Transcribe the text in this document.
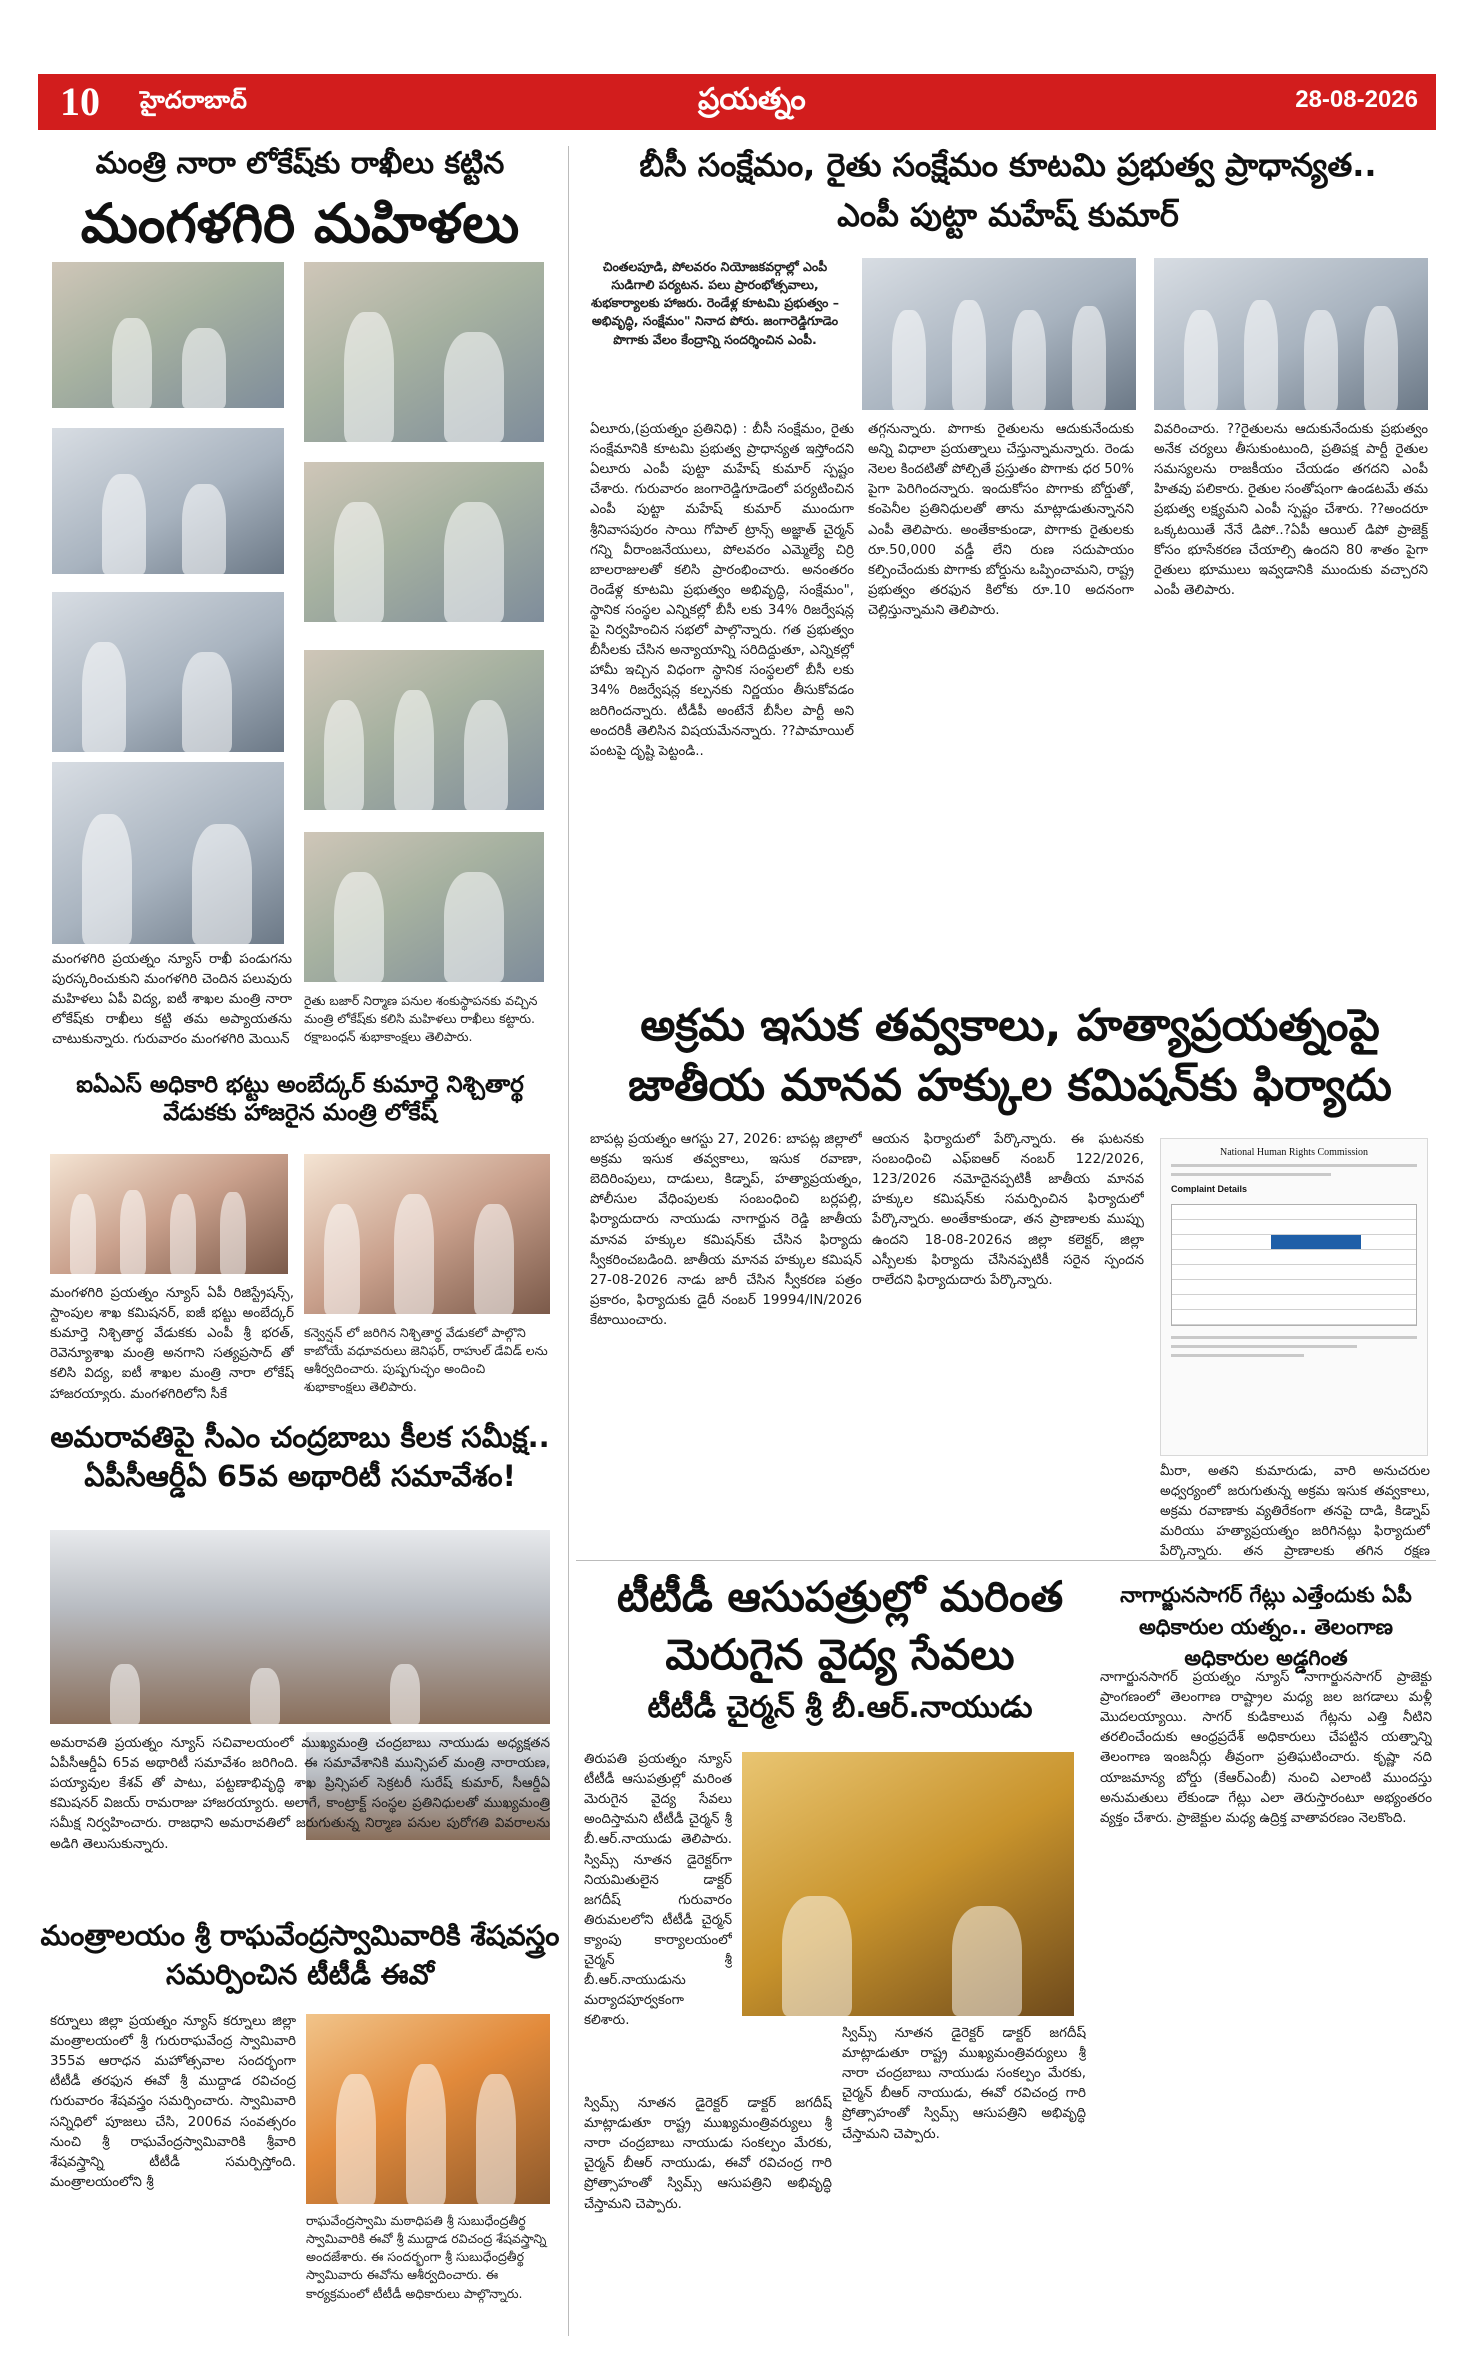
10 హైదరాబాద్	ప్రయత్నం	28-08-2026
మంత్రి నారా లోకేష్‌కు రాఖీలు కట్టిన
మంగళగిరి మహిళలు
మంగళగిరి ప్రయత్నం న్యూస్ రాఖీ పండుగను పురస్కరించుకుని మంగళగిరి చెందిన పలువురు మహిళలు ఏపీ విద్య, ఐటీ శాఖల మంత్రి నారా లోకేష్‌కు రాఖీలు కట్టి తమ అప్యాయతను చాటుకున్నారు. గురువారం మంగళగిరి మెయిన్
రైతు బజార్ నిర్మాణ పనుల శంకుస్థాపనకు వచ్చిన మంత్రి లోకేష్‌కు కలిసి మహిళలు రాఖీలు కట్టారు. రక్షాబంధన్ శుభాకాంక్షలు తెలిపారు.
ఐఏఎస్ అధికారి భట్టు అంబేద్కర్ కుమార్తె నిశ్చితార్థ వేడుకకు హాజరైన మంత్రి లోకేష్
మంగళగిరి ప్రయత్నం న్యూస్ ఏపీ రిజిస్ట్రేషన్స్, స్టాంపుల శాఖ కమిషనర్, ఐజీ భట్టు అంబేద్కర్ కుమార్తె నిశ్చితార్థ వేడుకకు ఎంపీ శ్రీ భరత్, రెవెన్యూశాఖ మంత్రి అనగాని సత్యప్రసాద్ తో కలిసి విద్య, ఐటీ శాఖల మంత్రి నారా లోకేష్ హాజరయ్యారు. మంగళగిరిలోని సీకే
కన్వెన్షన్ లో జరిగిన నిశ్చితార్థ వేడుకలో పాల్గొని కాబోయే వధూవరులు జెనిఫర్, రాహుల్ డేవిడ్ లను ఆశీర్వదించారు. పుష్పగుచ్ఛం అందించి శుభాకాంక్షలు తెలిపారు.
అమరావతిపై సీఎం చంద్రబాబు కీలక సమీక్ష.. ఏపీసీఆర్డీఏ 65వ అథారిటీ సమావేశం!
అమరావతి ప్రయత్నం న్యూస్ సచివాలయంలో ముఖ్యమంత్రి చంద్రబాబు నాయుడు అధ్యక్షతన ఏపీసీఆర్డీఏ 65వ అథారిటీ సమావేశం జరిగింది. ఈ సమావేశానికి మున్సిపల్ మంత్రి నారాయణ, పయ్యావుల కేశవ్ తో పాటు, పట్టణాభివృద్ధి శాఖ ప్రిన్సిపల్ సెక్రటరీ సురేష్ కుమార్, సీఆర్డీఏ కమిషనర్ విజయ్ రామరాజు హాజరయ్యారు. అలాగే, కాంట్రాక్ట్ సంస్థల ప్రతినిధులతో ముఖ్యమంత్రి సమీక్ష నిర్వహించారు. రాజధాని అమరావతిలో జరుగుతున్న నిర్మాణ పనుల పురోగతి వివరాలను అడిగి తెలుసుకున్నారు.
మంత్రాలయం శ్రీ రాఘవేంద్రస్వామివారికి శేషవస్త్రం సమర్పించిన టీటీడీ ఈవో
కర్నూలు జిల్లా ప్రయత్నం న్యూస్ కర్నూలు జిల్లా మంత్రాలయంలో శ్రీ గురురాఘవేంద్ర స్వామివారి 355వ ఆరాధన మహోత్సవాల సందర్భంగా టీటీడీ తరఫున ఈవో శ్రీ ముద్దాడ రవిచంద్ర గురువారం శేషవస్త్రం సమర్పించారు. స్వామివారి సన్నిధిలో పూజలు చేసి, 2006వ సంవత్సరం నుంచి శ్రీ రాఘవేంద్రస్వామివారికి శ్రీవారి శేషవస్త్రాన్ని టీటీడీ సమర్పిస్తోంది. మంత్రాలయంలోని శ్రీ
రాఘవేంద్రస్వామి మఠాధిపతి శ్రీ సుబుధేంద్రతీర్థ స్వామివారికి ఈవో శ్రీ ముద్దాడ రవిచంద్ర శేషవస్త్రాన్ని అందజేశారు. ఈ సందర్భంగా శ్రీ సుబుధేంద్రతీర్థ స్వామివారు ఈవోను ఆశీర్వదించారు. ఈ కార్యక్రమంలో టీటీడీ అధికారులు పాల్గొన్నారు.
బీసీ సంక్షేమం, రైతు సంక్షేమం కూటమి ప్రభుత్వ ప్రాధాన్యత..
ఎంపీ పుట్టా మహేష్ కుమార్
చింతలపూడి, పోలవరం నియోజకవర్గాల్లో ఎంపీ సుడిగాలి పర్యటన. పలు ప్రారంభోత్సవాలు, శుభకార్యాలకు హాజరు. రెండేళ్ల కూటమి ప్రభుత్వం – అభివృద్ధి, సంక్షేమం" నినాద పోరు. జంగారెడ్డిగూడెం పొగాకు వేలం కేంద్రాన్ని సందర్శించిన ఎంపీ.
ఏలూరు,(ప్రయత్నం ప్రతినిధి) : బీసీ సంక్షేమం, రైతు సంక్షేమానికి కూటమి ప్రభుత్వ ప్రాధాన్యత ఇస్తోందని ఏలూరు ఎంపీ పుట్టా మహేష్ కుమార్ స్పష్టం చేశారు. గురువారం జంగారెడ్డిగూడెంలో పర్యటించిన ఎంపీ పుట్టా మహేష్ కుమార్ ముందుగా శ్రీనివాసపురం సాయి గోపాల్ ట్రాన్స్ అజ్ఞాత్ చైర్మన్ గన్ని వీరాంజనేయులు, పోలవరం ఎమ్మెల్యే చిర్రి బాలరాజులతో కలిసి ప్రారంభించారు. అనంతరం రెండేళ్ల కూటమి ప్రభుత్వం అభివృద్ధి, సంక్షేమం", స్థానిక సంస్థల ఎన్నికల్లో బీసీ లకు 34% రిజర్వేషన్ల పై నిర్వహించిన సభలో పాల్గొన్నారు. గత ప్రభుత్వం బీసీలకు చేసిన అన్యాయాన్ని సరిదిద్దుతూ, ఎన్నికల్లో హామీ ఇచ్చిన విధంగా స్థానిక సంస్థలలో బీసీ లకు 34% రిజర్వేషన్ల కల్పనకు నిర్ణయం తీసుకోవడం జరిగిందన్నారు. టీడీపీ అంటేనే బీసీల పార్టీ అని అందరికీ తెలిసిన విషయమేనన్నారు. ??పామాయిల్ పంటపై దృష్టి పెట్టండి..
తగ్గనున్నారు. పొగాకు రైతులను ఆదుకునేందుకు అన్ని విధాలా ప్రయత్నాలు చేస్తున్నామన్నారు. రెండు నెలల కిందటితో పోల్చితే ప్రస్తుతం పొగాకు ధర 50% పైగా పెరిగిందన్నారు. ఇందుకోసం పొగాకు బోర్డుతో, కంపెనీల ప్రతినిధులతో తాను మాట్లాడుతున్నానని ఎంపీ తెలిపారు. అంతేకాకుండా, పొగాకు రైతులకు రూ.50,000 వడ్డీ లేని రుణ సదుపాయం కల్పించేందుకు పొగాకు బోర్డును ఒప్పించామని, రాష్ట్ర ప్రభుత్వం తరఫున కిలోకు రూ.10 అదనంగా చెల్లిస్తున్నామని తెలిపారు.
వివరించారు. ??రైతులను ఆదుకునేందుకు ప్రభుత్వం అనేక చర్యలు తీసుకుంటుంది, ప్రతిపక్ష పార్టీ రైతుల సమస్యలను రాజకీయం చేయడం తగదని ఎంపీ హితవు పలికారు. రైతుల సంతోషంగా ఉండటమే తమ ప్రభుత్వ లక్ష్యమని ఎంపీ స్పష్టం చేశారు. ??అందరూ ఒక్కటయితే నేనే డిపో..?ఏపీ ఆయిల్ డిపో ప్రాజెక్ట్ కోసం భూసేకరణ చేయాల్సి ఉందని 80 శాతం పైగా రైతులు భూములు ఇవ్వడానికి ముందుకు వచ్చారని ఎంపీ తెలిపారు.
అక్రమ ఇసుక తవ్వకాలు, హత్యాప్రయత్నంపై
జాతీయ మానవ హక్కుల కమిషన్‌కు ఫిర్యాదు
బాపట్ల ప్రయత్నం ఆగస్టు 27, 2026: బాపట్ల జిల్లాలో అక్రమ ఇసుక తవ్వకాలు, ఇసుక రవాణా, బెదిరింపులు, దాడులు, కిడ్నాప్, హత్యాప్రయత్నం, పోలీసుల వేధింపులకు సంబంధించి బర్లపల్లి, ఫిర్యాదుదారు నాయుడు నాగార్జున రెడ్డి జాతీయ మానవ హక్కుల కమిషన్‌కు చేసిన ఫిర్యాదు స్వీకరించబడింది. జాతీయ మానవ హక్కుల కమిషన్ 27-08-2026 నాడు జారీ చేసిన స్వీకరణ పత్రం ప్రకారం, ఫిర్యాదుకు డైరీ నంబర్ 19994/IN/2026 కేటాయించారు.
ఆయన ఫిర్యాదులో పేర్కొన్నారు. ఈ ఘటనకు సంబంధించి ఎఫ్ఐఆర్ నంబర్ 122/2026, 123/2026 నమోదైనప్పటికీ జాతీయ మానవ హక్కుల కమిషన్‌కు సమర్పించిన ఫిర్యాదులో పేర్కొన్నారు. అంతేకాకుండా, తన ప్రాణాలకు ముప్పు ఉందని 18-08-2026న జిల్లా కలెక్టర్, జిల్లా ఎస్పీలకు ఫిర్యాదు చేసినప్పటికీ సరైన స్పందన రాలేదని ఫిర్యాదుదారు పేర్కొన్నారు.
National Human Rights Commission
Complaint Details
మీరా, అతని కుమారుడు, వారి అనుచరుల అధ్వర్యంలో జరుగుతున్న అక్రమ ఇసుక తవ్వకాలు, అక్రమ రవాణాకు వ్యతిరేకంగా తనపై దాడి, కిడ్నాప్ మరియు హత్యాప్రయత్నం జరిగినట్లు ఫిర్యాదులో పేర్కొన్నారు. తన ప్రాణాలకు తగిన రక్షణ
టీటీడీ ఆసుపత్రుల్లో మరింత
మెరుగైన వైద్య సేవలు
టీటీడీ చైర్మన్ శ్రీ బీ.ఆర్.నాయుడు
తిరుపతి ప్రయత్నం న్యూస్ టీటీడీ ఆసుపత్రుల్లో మరింత మెరుగైన వైద్య సేవలు అందిస్తామని టీటీడీ చైర్మన్ శ్రీ బీ.ఆర్.నాయుడు తెలిపారు. స్విమ్స్ నూతన డైరెక్టర్‌గా నియమితులైన డాక్టర్ జగదీష్ గురువారం తిరుమలలోని టీటీడీ చైర్మన్ క్యాంపు కార్యాలయంలో చైర్మన్ శ్రీ బీ.ఆర్.నాయుడును మర్యాదపూర్వకంగా కలిశారు.
స్విమ్స్ నూతన డైరెక్టర్ డాక్టర్ జగదీష్ మాట్లాడుతూ రాష్ట్ర ముఖ్యమంత్రివర్యులు శ్రీ నారా చంద్రబాబు నాయుడు సంకల్పం మేరకు, చైర్మన్ బీఆర్ నాయుడు, ఈవో రవిచంద్ర గారి ప్రోత్సాహంతో స్విమ్స్ ఆసుపత్రిని అభివృద్ధి చేస్తామని చెప్పారు.
స్విమ్స్ నూతన డైరెక్టర్ డాక్టర్ జగదీష్ మాట్లాడుతూ రాష్ట్ర ముఖ్యమంత్రివర్యులు శ్రీ నారా చంద్రబాబు నాయుడు సంకల్పం మేరకు, చైర్మన్ బీఆర్ నాయుడు, ఈవో రవిచంద్ర గారి ప్రోత్సాహంతో స్విమ్స్ ఆసుపత్రిని అభివృద్ధి చేస్తామని చెప్పారు.
నాగార్జునసాగర్ గేట్లు ఎత్తేందుకు ఏపీ అధికారుల యత్నం.. తెలంగాణ అధికారుల అడ్డగింత
నాగార్జునసాగర్ ప్రయత్నం న్యూస్ నాగార్జునసాగర్ ప్రాజెక్టు ప్రాంగణంలో తెలంగాణ రాష్ట్రాల మధ్య జల జగడాలు మళ్లీ మొదలయ్యాయి. సాగర్ కుడికాలువ గేట్లను ఎత్తి నీటిని తరలించేందుకు ఆంధ్రప్రదేశ్ అధికారులు చేపట్టిన యత్నాన్ని తెలంగాణ ఇంజనీర్లు తీవ్రంగా ప్రతిఘటించారు. కృష్ణా నది యాజమాన్య బోర్డు (కేఆర్ఎంబీ) నుంచి ఎలాంటి ముందస్తు అనుమతులు లేకుండా గేట్లు ఎలా తెరుస్తారంటూ అభ్యంతరం వ్యక్తం చేశారు. ప్రాజెక్టుల మధ్య ఉద్రిక్త వాతావరణం నెలకొంది.
